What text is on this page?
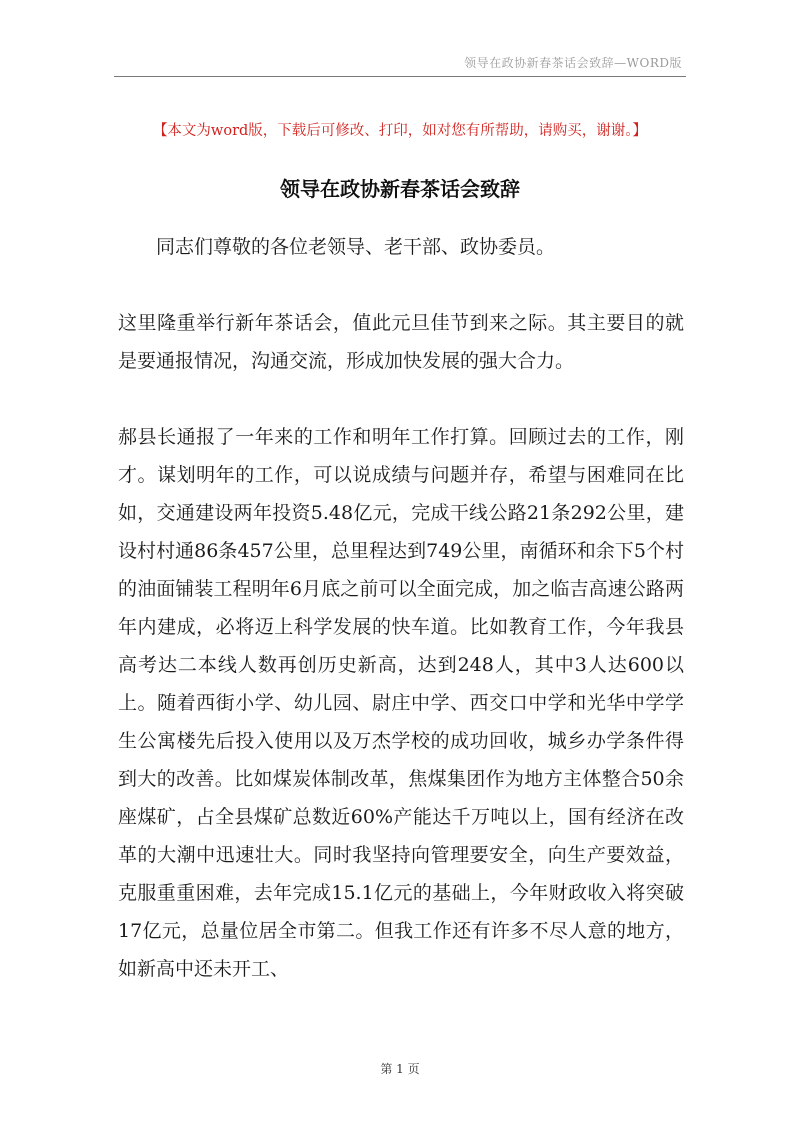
领导在政协新春茶话会致辞—WORD版
【本文为word版，下载后可修改、打印，如对您有所帮助，请购买，谢谢。】
领导在政协新春茶话会致辞

同志们尊敬的各位老领导、老干部、政协委员。

这里隆重举行新年茶话会，值此元旦佳节到来之际。其主要目的就是要通报情况，沟通交流，形成加快发展的强大合力。

郝县长通报了一年来的工作和明年工作打算。回顾过去的工作，刚才。谋划明年的工作，可以说成绩与问题并存，希望与困难同在比如，交通建设两年投资5.48亿元，完成干线公路21条292公里，建设村村通86条457公里，总里程达到749公里，南循环和余下5个村的油面铺装工程明年6月底之前可以全面完成，加之临吉高速公路两年内建成，必将迈上科学发展的快车道。比如教育工作，今年我县高考达二本线人数再创历史新高，达到248人，其中3人达600以上。随着西街小学、幼儿园、尉庄中学、西交口中学和光华中学学生公寓楼先后投入使用以及万杰学校的成功回收，城乡办学条件得到大的改善。比如煤炭体制改革，焦煤集团作为地方主体整合50余座煤矿，占全县煤矿总数近60%产能达千万吨以上，国有经济在改革的大潮中迅速壮大。同时我坚持向管理要安全，向生产要效益，克服重重困难，去年完成15.1亿元的基础上，今年财政收入将突破17亿元，总量位居全市第二。但我工作还有许多不尽人意的地方，如新高中还未开工、

第 1 页
